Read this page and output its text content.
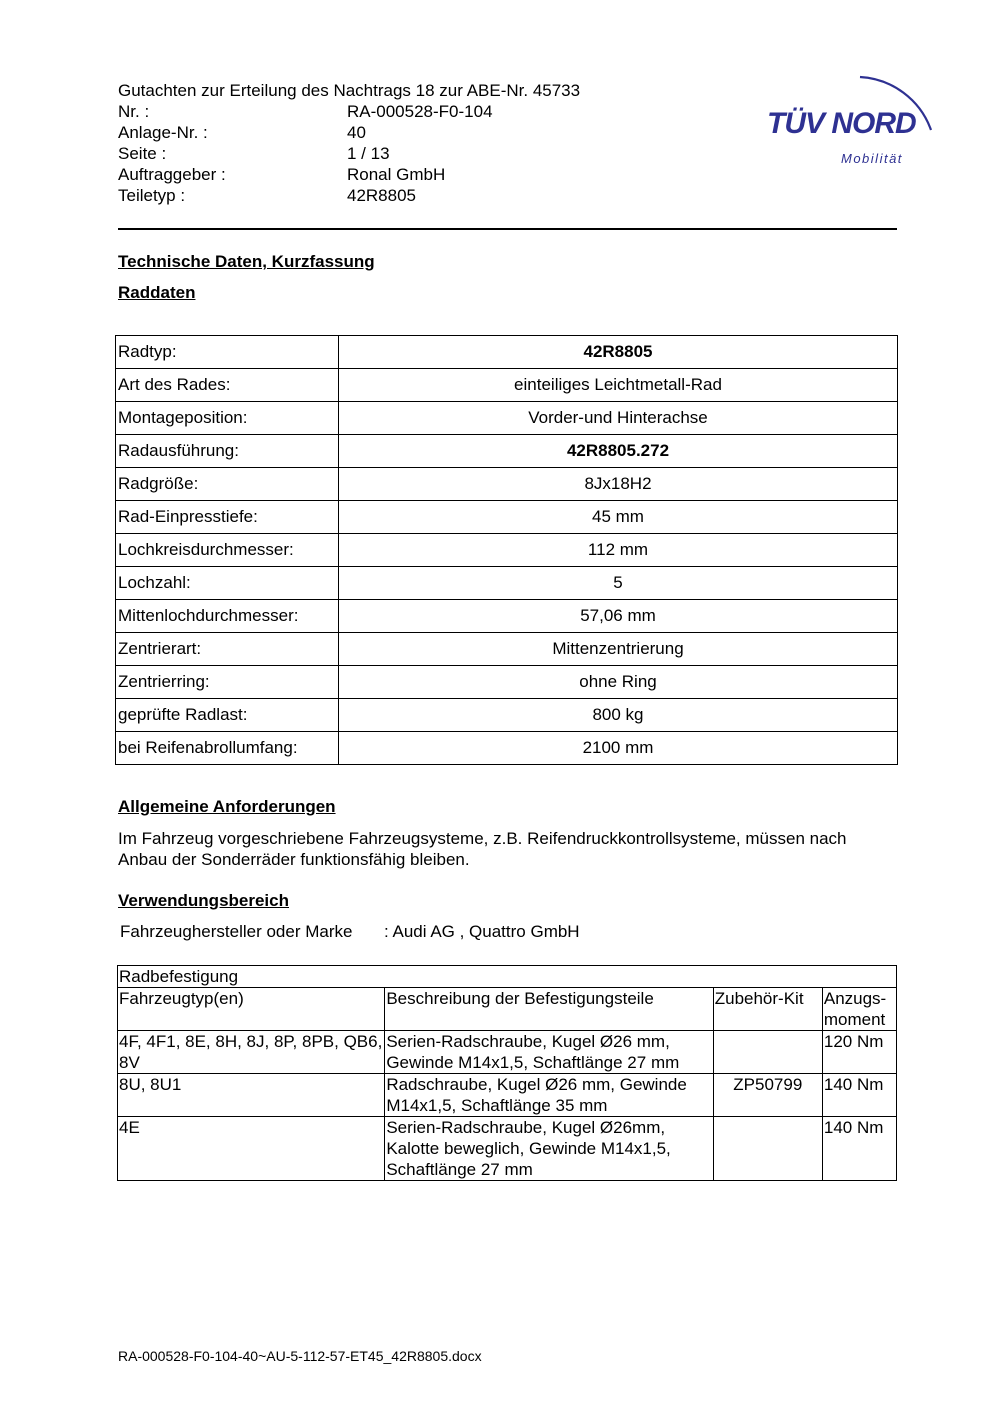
Gutachten zur Erteilung des Nachtrags 18 zur ABE-Nr. 45733
Nr. :	RA-000528-F0-104
Anlage-Nr. :	40
Seite :	1 / 13
Auftraggeber :	Ronal GmbH
Teiletyp :	42R8805
TÜV NORD
Mobilität
Technische Daten, Kurzfassung
Raddaten
Radtyp:	42R8805
Art des Rades:	einteiliges Leichtmetall-Rad
Montageposition:	Vorder-und Hinterachse
Radausführung:	42R8805.272
Radgröße:	8Jx18H2
Rad-Einpresstiefe:	45 mm
Lochkreisdurchmesser:	112 mm
Lochzahl:	5
Mittenlochdurchmesser:	57,06 mm
Zentrierart:	Mittenzentrierung
Zentrierring:	ohne Ring
geprüfte Radlast:	800 kg
bei Reifenabrollumfang:	2100 mm
Allgemeine Anforderungen
Im Fahrzeug vorgeschriebene Fahrzeugsysteme, z.B. Reifendruckkontrollsysteme, müssen nach Anbau der Sonderräder funktionsfähig bleiben.
Verwendungsbereich
Fahrzeughersteller oder Marke	: Audi AG , Quattro GmbH
Radbefestigung			
Fahrzeugtyp(en)	Beschreibung der Befestigungsteile	Zubehör-Kit	Anzugs-moment
4F, 4F1, 8E, 8H, 8J, 8P, 8PB, QB6, 8V	Serien-Radschraube, Kugel Ø26 mm, Gewinde M14x1,5, Schaftlänge 27 mm		120 Nm
8U, 8U1	Radschraube, Kugel Ø26 mm, Gewinde M14x1,5, Schaftlänge 35 mm	ZP50799	140 Nm
4E	Serien-Radschraube, Kugel Ø26mm, Kalotte beweglich, Gewinde M14x1,5, Schaftlänge 27 mm		140 Nm
RA-000528-F0-104-40~AU-5-112-57-ET45_42R8805.docx
